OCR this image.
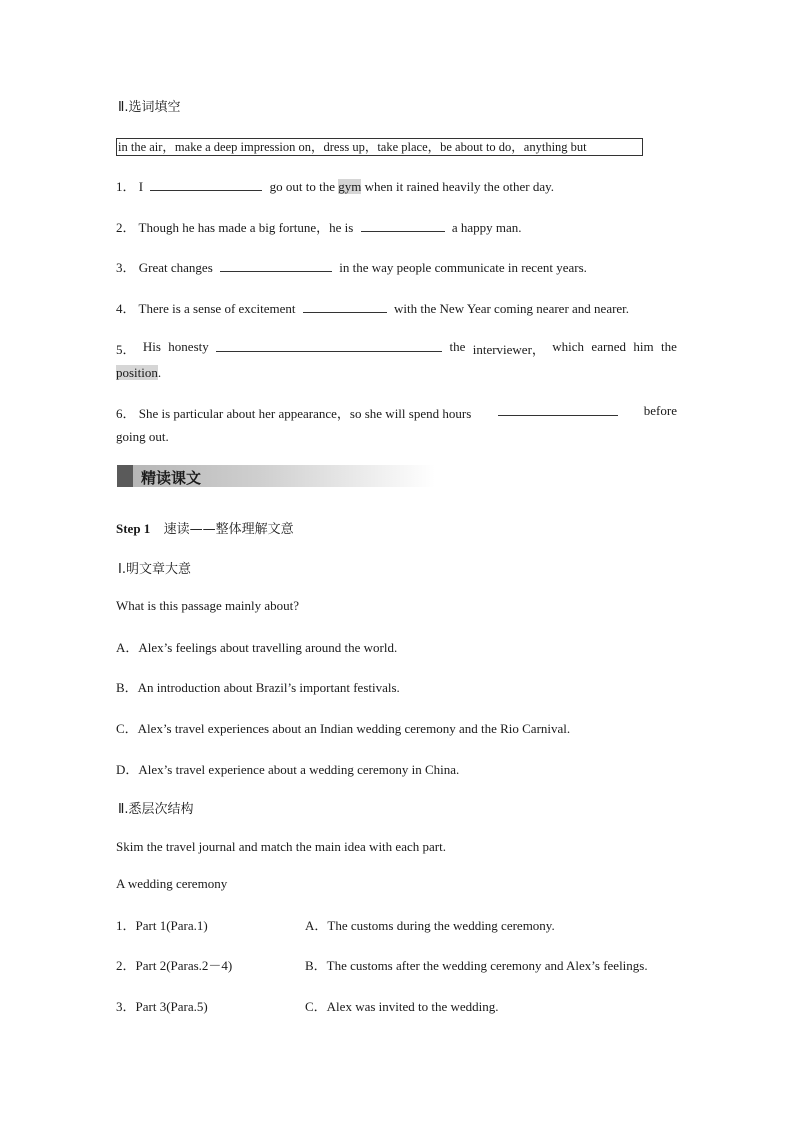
Ⅱ.选词填空
in the air，make a deep impression on，dress up，take place，be about to do，anything but
1． I	go out to the gym when it rained heavily the other day.
2． Though he has made a big fortune，he is	a happy man.
3． Great changes	in the way people communicate in recent years.
4． There is a sense of excitement	with the New Year coming nearer and nearer.
5． His honesty	the interviewer， which earned him the
position.
6． She is particular about her appearance，so she will spend hours	before
going out.
精读课文
Step 1 速读——整体理解文意
Ⅰ.明文章大意
What is this passage mainly about?
A．Alex’s feelings about travelling around the world.
B．An introduction about Brazil’s important festivals.
C．Alex’s travel experiences about an Indian wedding ceremony and the Rio Carnival.
D．Alex’s travel experience about a wedding ceremony in China.
Ⅱ.悉层次结构
Skim the travel journal and match the main idea with each part.
A wedding ceremony
1．Part 1(Para.1)	A．The customs during the wedding ceremony.
2．Part 2(Paras.2－4)	B．The customs after the wedding ceremony and Alex’s feelings.
3．Part 3(Para.5)	C．Alex was invited to the wedding.
